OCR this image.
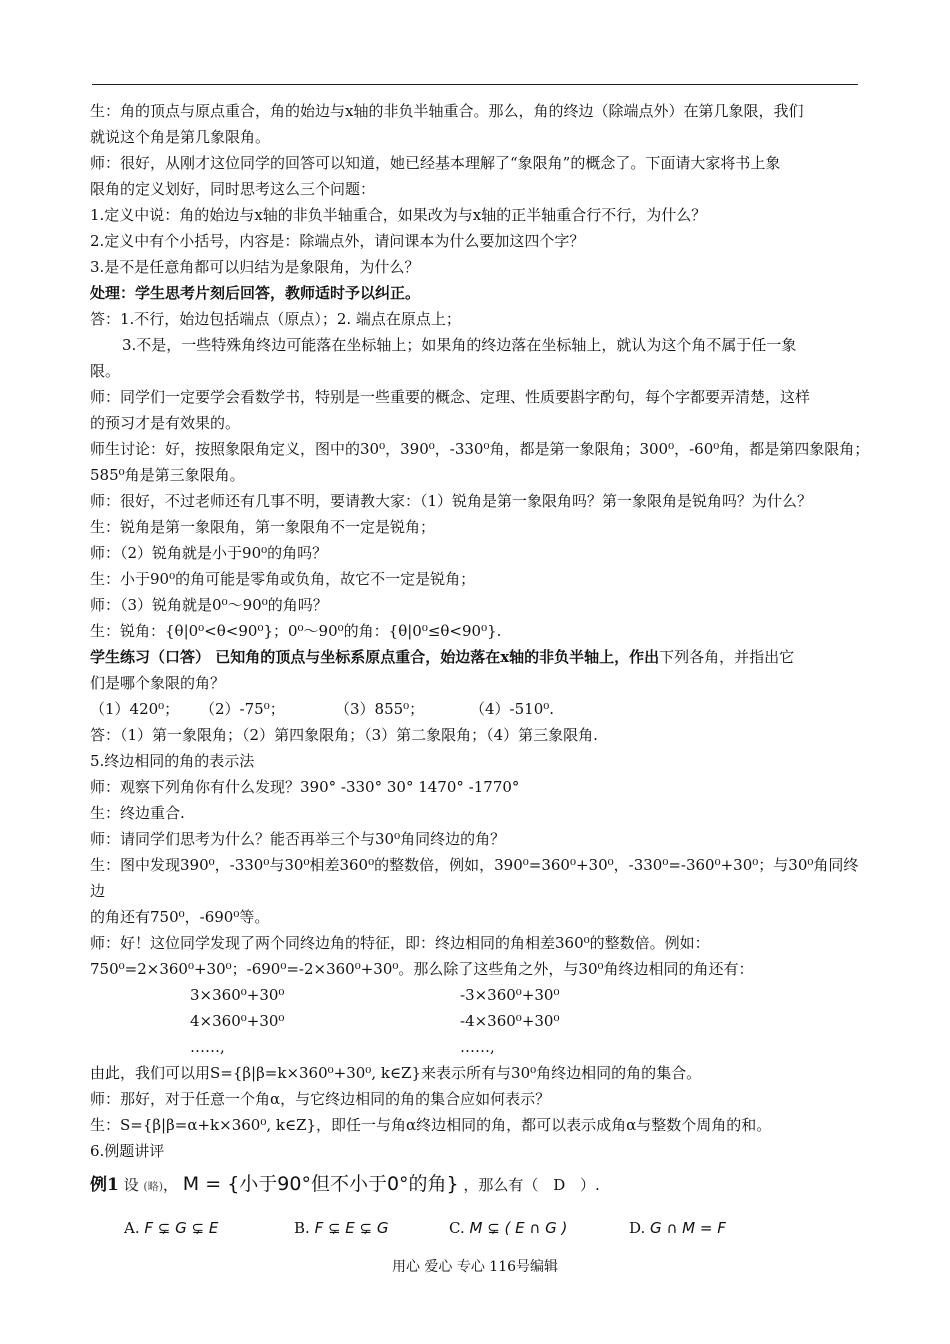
生：角的顶点与原点重合，角的始边与x轴的非负半轴重合。那么，角的终边（除端点外）在第几象限，我们

就说这个角是第几象限角。

师：很好，从刚才这位同学的回答可以知道，她已经基本理解了“象限角”的概念了。下面请大家将书上象

限角的定义划好，同时思考这么三个问题：

1.定义中说：角的始边与x轴的非负半轴重合，如果改为与x轴的正半轴重合行不行，为什么？

2.定义中有个小括号，内容是：除端点外，请问课本为什么要加这四个字？

3.是不是任意角都可以归结为是象限角，为什么？

处理：学生思考片刻后回答，教师适时予以纠正。

答：1.不行，始边包括端点（原点）；2. 端点在原点上；

3.不是，一些特殊角终边可能落在坐标轴上；如果角的终边落在坐标轴上，就认为这个角不属于任一象

限。

师：同学们一定要学会看数学书，特别是一些重要的概念、定理、性质要斟字酌句，每个字都要弄清楚，这样

的预习才是有效果的。

师生讨论：好，按照象限角定义，图中的30⁰，390⁰，-330⁰角，都是第一象限角；300⁰，-60⁰角，都是第四象限角；

585⁰角是第三象限角。

师：很好，不过老师还有几事不明，要请教大家：（1）锐角是第一象限角吗？第一象限角是锐角吗？为什么？

生：锐角是第一象限角，第一象限角不一定是锐角；

师：（2）锐角就是小于90⁰的角吗？

生：小于90⁰的角可能是零角或负角，故它不一定是锐角；

师：（3）锐角就是0⁰～90⁰的角吗？

生：锐角：{θ|0⁰<θ<90⁰}；0⁰～90⁰的角：{θ|0⁰≤θ<90⁰}.

学生练习（口答） 已知角的顶点与坐标系原点重合，始边落在x轴的非负半轴上，作出下列各角，并指出它

们是哪个象限的角？

（1）420⁰；	（2）-75⁰；	（3）855⁰；	（4）-510⁰.

答：（1）第一象限角；（2）第四象限角；（3）第二象限角；（4）第三象限角.

5.终边相同的角的表示法

师：观察下列角你有什么发现？390° -330° 30° 1470° -1770°

生：终边重合.

师：请同学们思考为什么？能否再举三个与30⁰角同终边的角？

生：图中发现390⁰，-330⁰与30⁰相差360⁰的整数倍，例如，390⁰=360⁰+30⁰，-330⁰=-360⁰+30⁰；与30⁰角同终边

的角还有750⁰，-690⁰等。

师：好！这位同学发现了两个同终边角的特征，即：终边相同的角相差360⁰的整数倍。例如：

750⁰=2×360⁰+30⁰；-690⁰=-2×360⁰+30⁰。那么除了这些角之外，与30⁰角终边相同的角还有：

3×360⁰+30⁰	-3×360⁰+30⁰
4×360⁰+30⁰	-4×360⁰+30⁰
……,	……,

由此，我们可以用S={β|β=k×360⁰+30⁰, k∈Z}来表示所有与30⁰角终边相同的角的集合。

师：那好，对于任意一个角α，与它终边相同的角的集合应如何表示？

生：S={β|β=α+k×360⁰, k∈Z}，即任一与角α终边相同的角，都可以表示成角α与整数个周角的和。

6.例题讲评

例1 设 (略)， M = {小于90°但不小于0°的角} ，那么有（ D ）.

A. F ⊊ G ⊊ E	B. F ⊊ E ⊊ G	C. M ⊊ ( E ∩ G )	D. G ∩ M = F
用心 爱心 专心 116号编辑
